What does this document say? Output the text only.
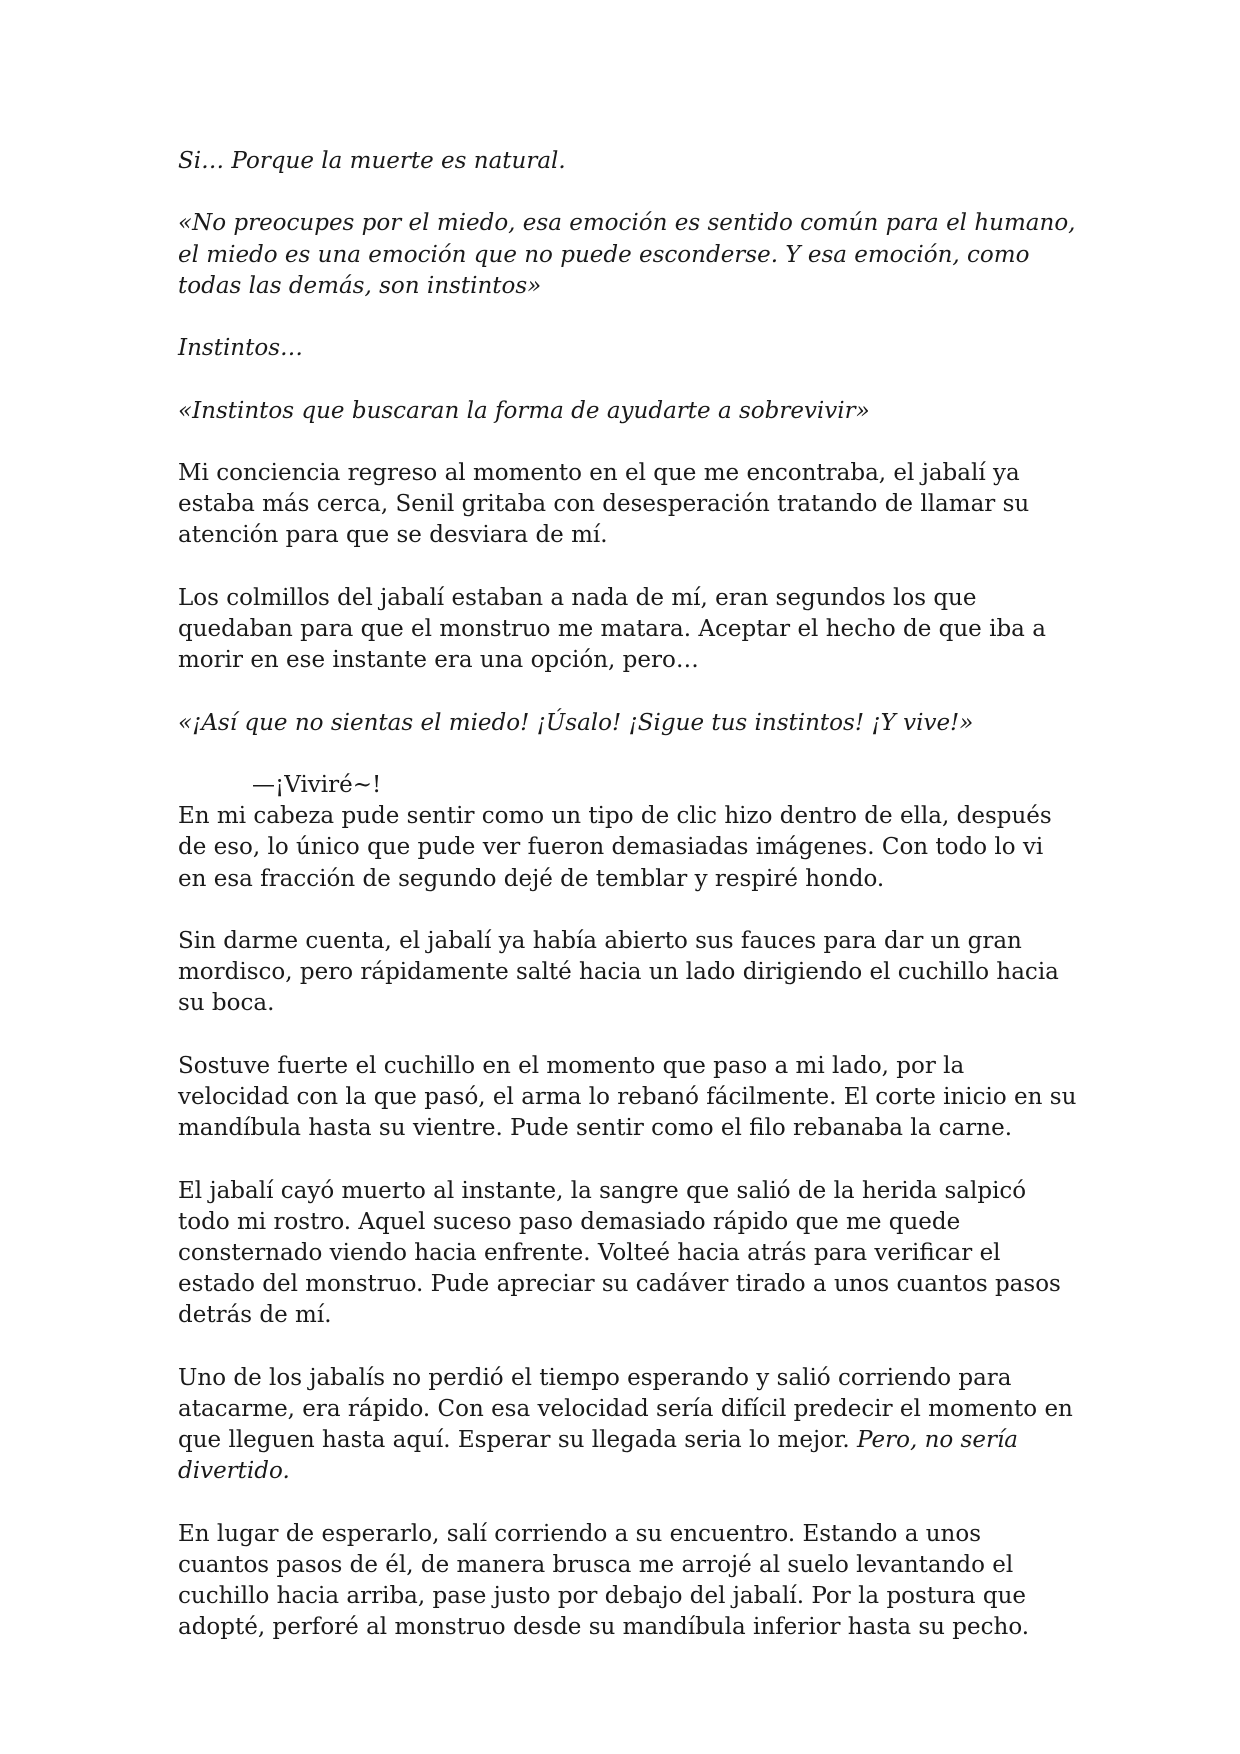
Si… Porque la muerte es natural.

«No preocupes por el miedo, esa emoción es sentido común para el humano, el miedo es una emoción que no puede esconderse. Y esa emoción, como todas las demás, son instintos»

Instintos…

«Instintos que buscaran la forma de ayudarte a sobrevivir»

Mi conciencia regreso al momento en el que me encontraba, el jabalí ya estaba más cerca, Senil gritaba con desesperación tratando de llamar su atención para que se desviara de mí.

Los colmillos del jabalí estaban a nada de mí, eran segundos los que quedaban para que el monstruo me matara. Aceptar el hecho de que iba a morir en ese instante era una opción, pero…

«¡Así que no sientas el miedo! ¡Úsalo! ¡Sigue tus instintos! ¡Y vive!»

—¡Viviré~!

En mi cabeza pude sentir como un tipo de clic hizo dentro de ella, después de eso, lo único que pude ver fueron demasiadas imágenes. Con todo lo vi en esa fracción de segundo dejé de temblar y respiré hondo.

Sin darme cuenta, el jabalí ya había abierto sus fauces para dar un gran mordisco, pero rápidamente salté hacia un lado dirigiendo el cuchillo hacia su boca.

Sostuve fuerte el cuchillo en el momento que paso a mi lado, por la velocidad con la que pasó, el arma lo rebanó fácilmente. El corte inicio en su mandíbula hasta su vientre. Pude sentir como el filo rebanaba la carne.

El jabalí cayó muerto al instante, la sangre que salió de la herida salpicó todo mi rostro. Aquel suceso paso demasiado rápido que me quede consternado viendo hacia enfrente. Volteé hacia atrás para verificar el estado del monstruo. Pude apreciar su cadáver tirado a unos cuantos pasos detrás de mí.

Uno de los jabalís no perdió el tiempo esperando y salió corriendo para atacarme, era rápido. Con esa velocidad sería difícil predecir el momento en que lleguen hasta aquí. Esperar su llegada seria lo mejor. Pero, no sería divertido.

En lugar de esperarlo, salí corriendo a su encuentro. Estando a unos cuantos pasos de él, de manera brusca me arrojé al suelo levantando el cuchillo hacia arriba, pase justo por debajo del jabalí. Por la postura que adopté, perforé al monstruo desde su mandíbula inferior hasta su pecho.
